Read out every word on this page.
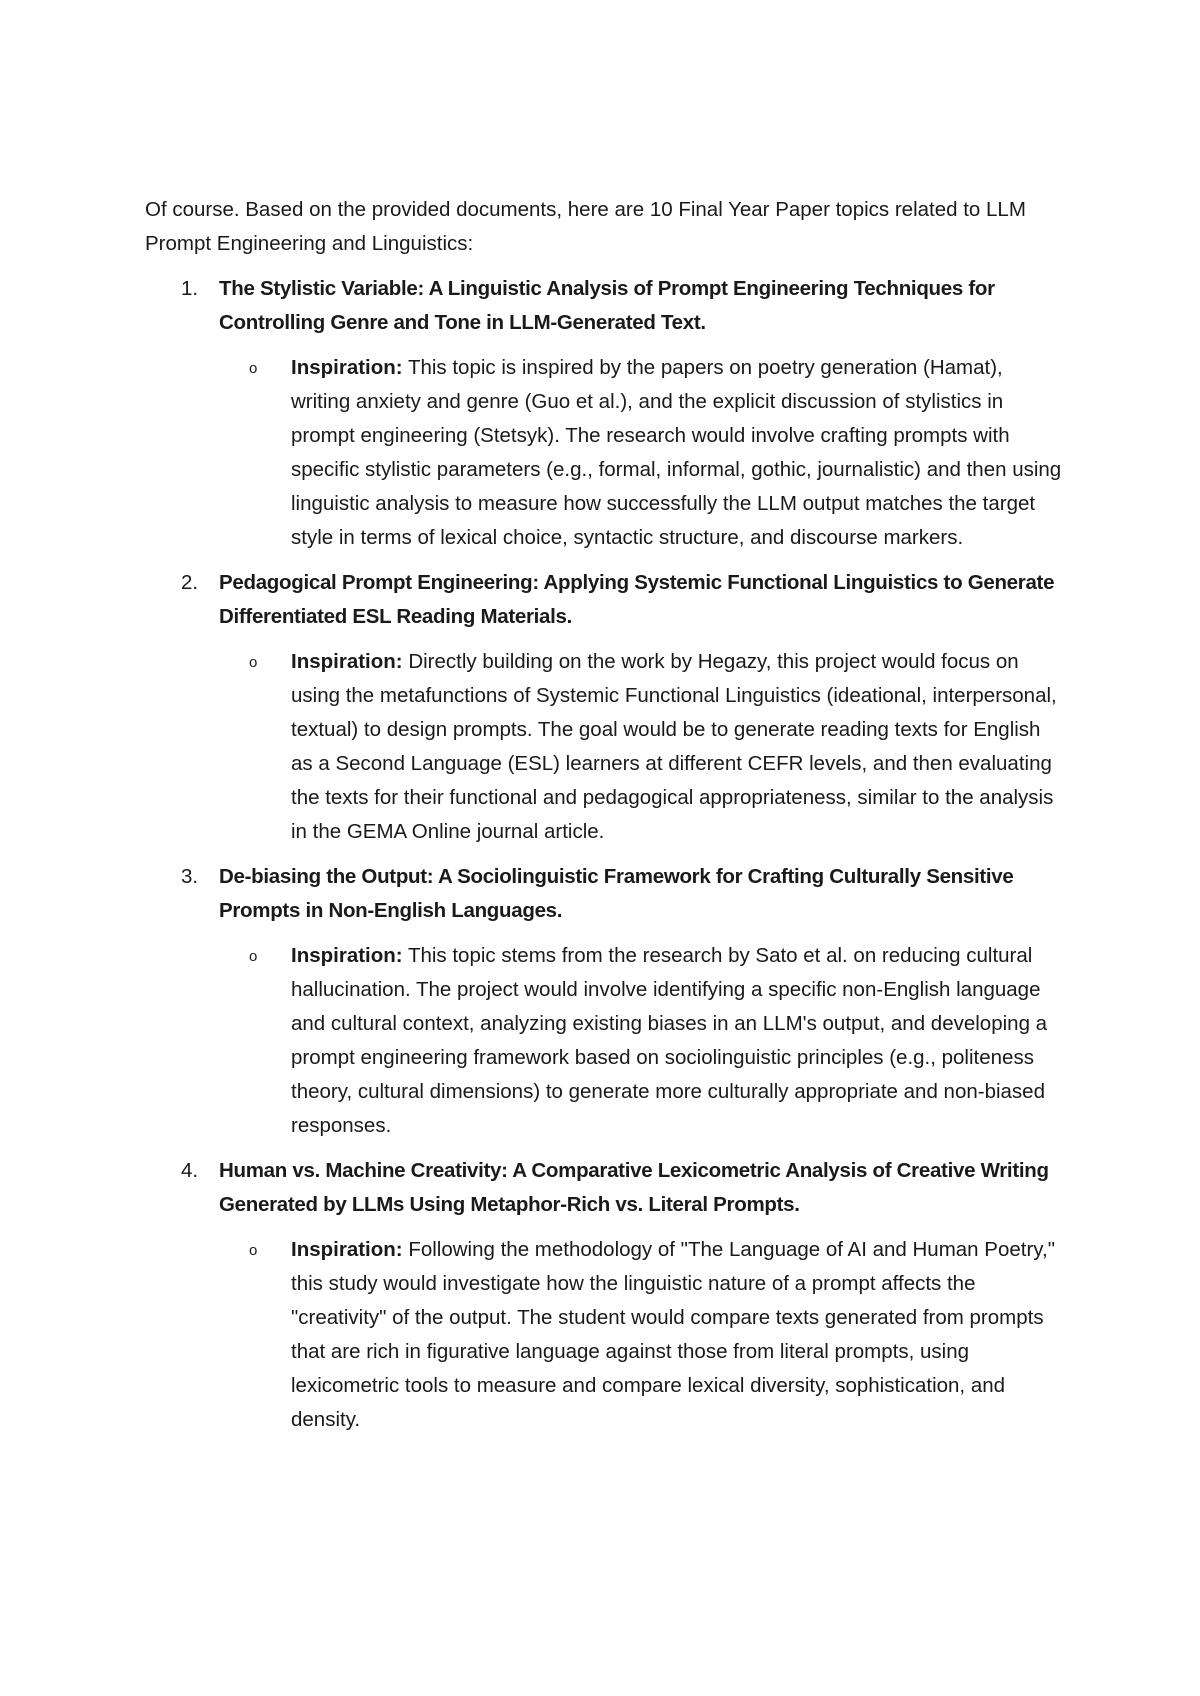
Of course. Based on the provided documents, here are 10 Final Year Paper topics related to LLM Prompt Engineering and Linguistics:

1. The Stylistic Variable: A Linguistic Analysis of Prompt Engineering Techniques for Controlling Genre and Tone in LLM-Generated Text.
o Inspiration: This topic is inspired by the papers on poetry generation (Hamat), writing anxiety and genre (Guo et al.), and the explicit discussion of stylistics in prompt engineering (Stetsyk). The research would involve crafting prompts with specific stylistic parameters (e.g., formal, informal, gothic, journalistic) and then using linguistic analysis to measure how successfully the LLM output matches the target style in terms of lexical choice, syntactic structure, and discourse markers.
2. Pedagogical Prompt Engineering: Applying Systemic Functional Linguistics to Generate Differentiated ESL Reading Materials.
o Inspiration: Directly building on the work by Hegazy, this project would focus on using the metafunctions of Systemic Functional Linguistics (ideational, interpersonal, textual) to design prompts. The goal would be to generate reading texts for English as a Second Language (ESL) learners at different CEFR levels, and then evaluating the texts for their functional and pedagogical appropriateness, similar to the analysis in the GEMA Online journal article.
3. De-biasing the Output: A Sociolinguistic Framework for Crafting Culturally Sensitive Prompts in Non-English Languages.
o Inspiration: This topic stems from the research by Sato et al. on reducing cultural hallucination. The project would involve identifying a specific non-English language and cultural context, analyzing existing biases in an LLM's output, and developing a prompt engineering framework based on sociolinguistic principles (e.g., politeness theory, cultural dimensions) to generate more culturally appropriate and non-biased responses.
4. Human vs. Machine Creativity: A Comparative Lexicometric Analysis of Creative Writing Generated by LLMs Using Metaphor-Rich vs. Literal Prompts.
o Inspiration: Following the methodology of "The Language of AI and Human Poetry," this study would investigate how the linguistic nature of a prompt affects the "creativity" of the output. The student would compare texts generated from prompts that are rich in figurative language against those from literal prompts, using lexicometric tools to measure and compare lexical diversity, sophistication, and density.
